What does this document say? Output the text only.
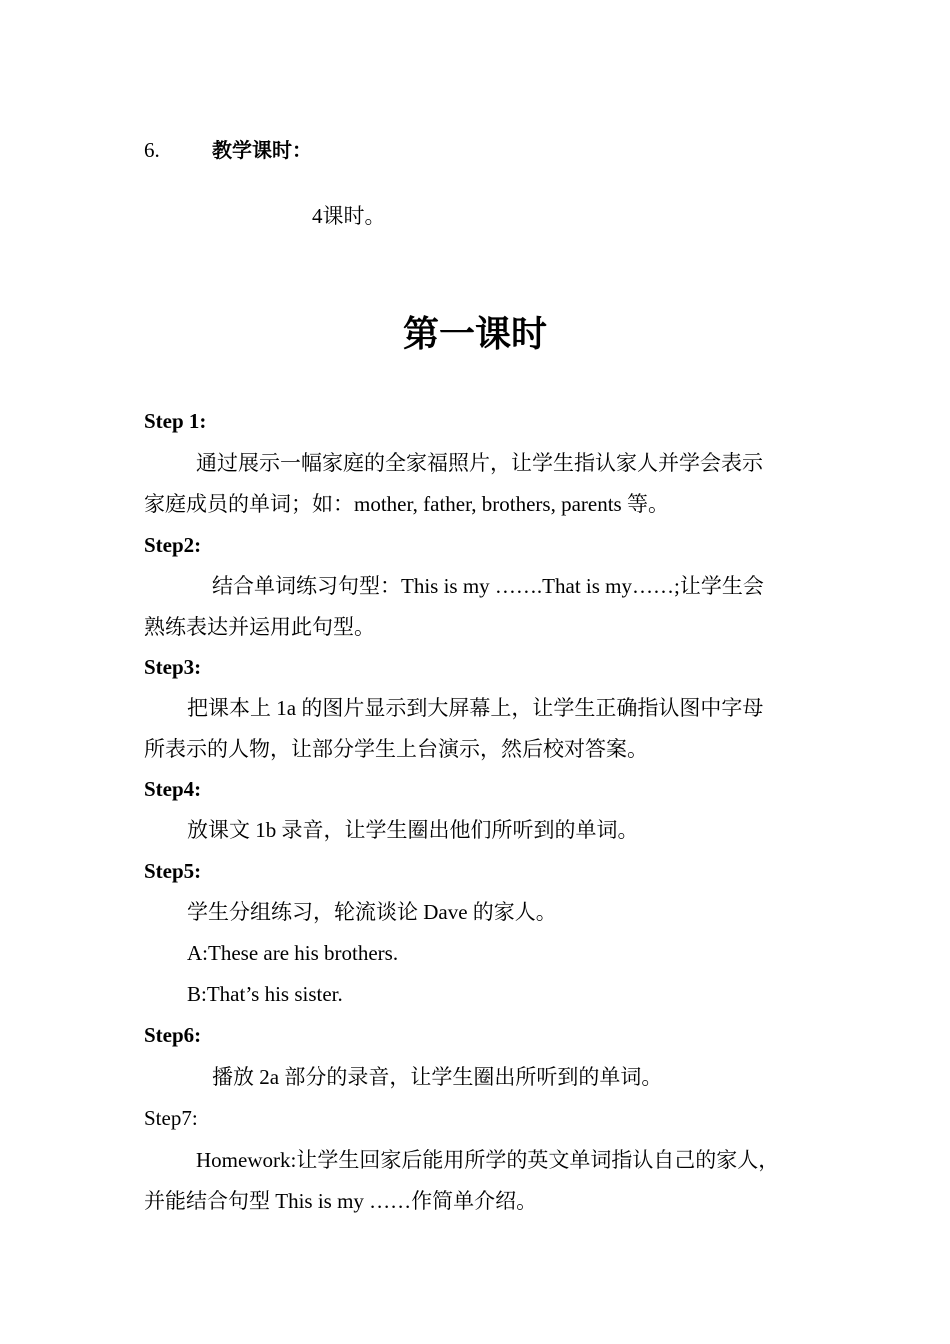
6.	教学课时：
4课时。
第一课时
Step 1:
通过展示一幅家庭的全家福照片，让学生指认家人并学会表示
家庭成员的单词；如：mother, father, brothers, parents 等。
Step2:
结合单词练习句型：This is my …….That is my……;让学生会
熟练表达并运用此句型。
Step3:
把课本上 1a 的图片显示到大屏幕上，让学生正确指认图中字母
所表示的人物，让部分学生上台演示，然后校对答案。
Step4:
放课文 1b 录音，让学生圈出他们所听到的单词。
Step5:
学生分组练习，轮流谈论 Dave 的家人。
A:These are his brothers.
B:That’s his sister.
Step6:
播放 2a 部分的录音，让学生圈出所听到的单词。
Step7:
Homework:让学生回家后能用所学的英文单词指认自己的家人，
并能结合句型 This is my ……作简单介绍。
